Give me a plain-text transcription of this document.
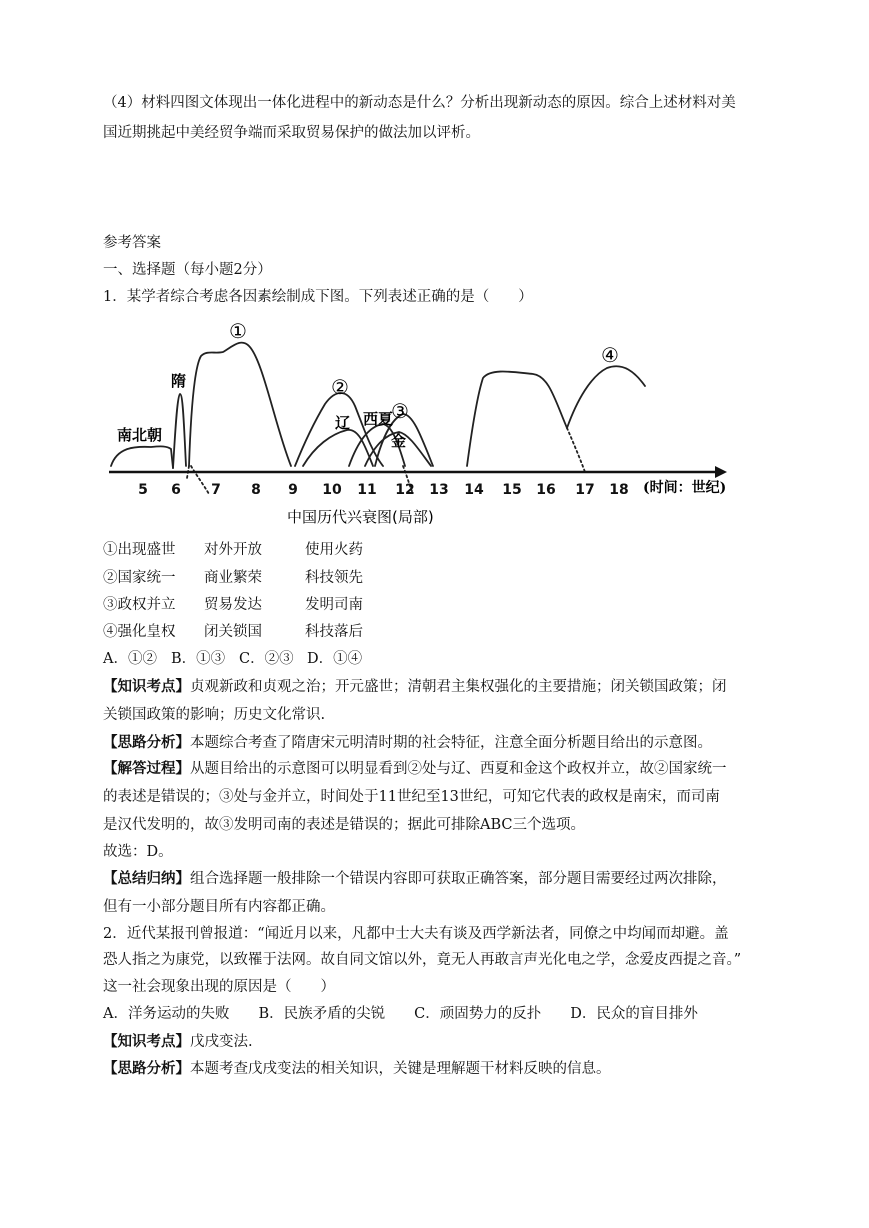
（4）材料四图文体现出一体化进程中的新动态是什么？分析出现新动态的原因。综合上述材料对美
国近期挑起中美经贸争端而采取贸易保护的做法加以评析。
参考答案
一、选择题（每小题2分）
1．某学者综合考虑各因素绘制成下图。下列表述正确的是（　　）
5 6 7 8 9 10 11 12 13 14 15 16 17 18 (时间：世纪)
南北朝
隋
①
②
辽 西夏
③
金
④
中国历代兴衰图(局部)
①出现盛世 对外开放	使用火药
②国家统一 商业繁荣	科技领先
③政权并立 贸易发达	发明司南
④强化皇权 闭关锁国	科技落后
A．①② B．①③ C．②③ D．①④
【知识考点】贞观新政和贞观之治；开元盛世；清朝君主集权强化的主要措施；闭关锁国政策；闭
关锁国政策的影响；历史文化常识.
【思路分析】本题综合考查了隋唐宋元明清时期的社会特征，注意全面分析题目给出的示意图。
【解答过程】从题目给出的示意图可以明显看到②处与辽、西夏和金这个政权并立，故②国家统一
的表述是错误的；③处与金并立，时间处于11世纪至13世纪，可知它代表的政权是南宋，而司南
是汉代发明的，故③发明司南的表述是错误的；据此可排除ABC三个选项。
故选：D。
【总结归纳】组合选择题一般排除一个错误内容即可获取正确答案，部分题目需要经过两次排除，
但有一小部分题目所有内容都正确。
2．近代某报刊曾报道：“闻近月以来，凡都中士大夫有谈及西学新法者，同僚之中均闻而却避。盖
恐人指之为康党，以致罹于法网。故自同文馆以外，竟无人再敢言声光化电之学，念爱皮西提之音。”
这一社会现象出现的原因是（　　）
A．洋务运动的失败　　B．民族矛盾的尖锐　　C．顽固势力的反扑　　D．民众的盲目排外
【知识考点】戊戌变法.
【思路分析】本题考查戊戌变法的相关知识，关键是理解题干材料反映的信息。
